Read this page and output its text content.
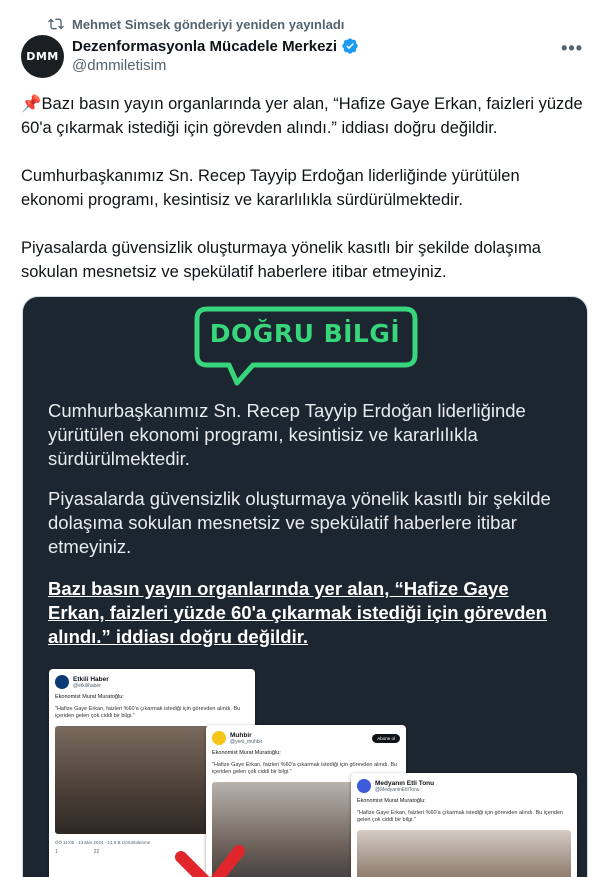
Mehmet Simsek gönderiyi yeniden yayınladı
DMM
Dezenformasyonla Mücadele Merkezi
@dmmiletisim
•••

📌Bazı basın yayın organlarında yer alan, “Hafize Gaye Erkan, faizleri yüzde 60'a çıkarmak istediği için görevden alındı.” iddiası doğru değildir.

Cumhurbaşkanımız Sn. Recep Tayyip Erdoğan liderliğinde yürütülen ekonomi programı, kesintisiz ve kararlılıkla sürdürülmektedir.

Piyasalarda güvensizlik oluşturmaya yönelik kasıtlı bir şekilde dolaşıma sokulan mesnetsiz ve spekülatif haberlere itibar etmeyiniz.

DOĞRU BİLGİ
Cumhurbaşkanımız Sn. Recep Tayyip Erdoğan liderliğinde yürütülen ekonomi programı, kesintisiz ve kararlılıkla sürdürülmektedir.
Piyasalarda güvensizlik oluşturmaya yönelik kasıtlı bir şekilde dolaşıma sokulan mesnetsiz ve spekülatif haberlere itibar etmeyiniz.
Bazı basın yayın organlarında yer alan, “Hafize Gaye Erkan, faizleri yüzde 60'a çıkarmak istediği için görevden alındı.” iddiası doğru değildir.
Etkili Haber
@etkilihaber
Ekonomist Murat Muratoğlu:
"Hafize Gaye Erkan, faizleri %60'a çıkarmak istediği için görevden alındı. Bu içeriden gelen çok ciddi bir bilgi."
ÖÖ 11:05 · 13 Mar 2024 · 14,8 B Görüntülenme
1	22
Muhbir
@yeni_muhbir
Abone ol
Ekonomist Murat Muratoğlu:
"Hafize Gaye Erkan, faizleri %60'a çıkarmak istediği için görevden alındı. Bu içeriden gelen çok ciddi bir bilgi."
Medyanın Etli Tonu
@MedyaninEtliTonu
Ekonomist Murat Muratoğlu:
"Hafize Gaye Erkan, faizleri %60'a çıkarmak istediği için görevden alındı. Bu içeriden gelen çok ciddi bir bilgi."
